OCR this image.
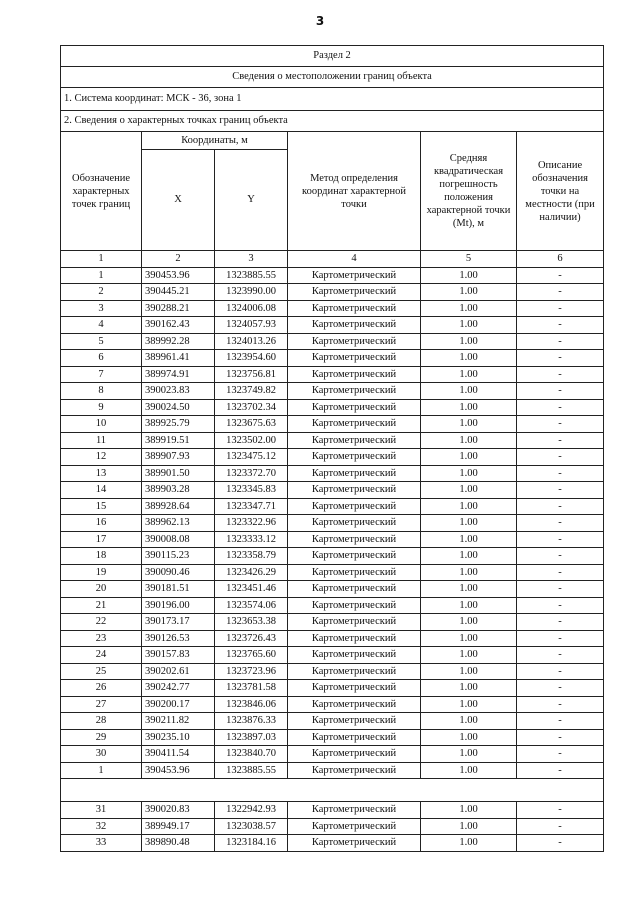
3
Раздел 2					
Сведения о местоположении границ объекта					
1. Система координат: МСК - 36, зона 1					
2. Сведения о характерных точках границ объекта					
Обозначение характерных точек границ	Координаты, м		Метод определения координат характерной точки	Средняя квадратическая погрешность положения характерной точки (Mt), м	Описание обозначения точки на местности (при наличии)
	X	Y			
1	2	3	4	5	6
1	390453.96	1323885.55	Картометрический	1.00	-
2	390445.21	1323990.00	Картометрический	1.00	-
3	390288.21	1324006.08	Картометрический	1.00	-
4	390162.43	1324057.93	Картометрический	1.00	-
5	389992.28	1324013.26	Картометрический	1.00	-
6	389961.41	1323954.60	Картометрический	1.00	-
7	389974.91	1323756.81	Картометрический	1.00	-
8	390023.83	1323749.82	Картометрический	1.00	-
9	390024.50	1323702.34	Картометрический	1.00	-
10	389925.79	1323675.63	Картометрический	1.00	-
11	389919.51	1323502.00	Картометрический	1.00	-
12	389907.93	1323475.12	Картометрический	1.00	-
13	389901.50	1323372.70	Картометрический	1.00	-
14	389903.28	1323345.83	Картометрический	1.00	-
15	389928.64	1323347.71	Картометрический	1.00	-
16	389962.13	1323322.96	Картометрический	1.00	-
17	390008.08	1323333.12	Картометрический	1.00	-
18	390115.23	1323358.79	Картометрический	1.00	-
19	390090.46	1323426.29	Картометрический	1.00	-
20	390181.51	1323451.46	Картометрический	1.00	-
21	390196.00	1323574.06	Картометрический	1.00	-
22	390173.17	1323653.38	Картометрический	1.00	-
23	390126.53	1323726.43	Картометрический	1.00	-
24	390157.83	1323765.60	Картометрический	1.00	-
25	390202.61	1323723.96	Картометрический	1.00	-
26	390242.77	1323781.58	Картометрический	1.00	-
27	390200.17	1323846.06	Картометрический	1.00	-
28	390211.82	1323876.33	Картометрический	1.00	-
29	390235.10	1323897.03	Картометрический	1.00	-
30	390411.54	1323840.70	Картометрический	1.00	-
1	390453.96	1323885.55	Картометрический	1.00	-

31	390020.83	1322942.93	Картометрический	1.00	-
32	389949.17	1323038.57	Картометрический	1.00	-
33	389890.48	1323184.16	Картометрический	1.00	-
